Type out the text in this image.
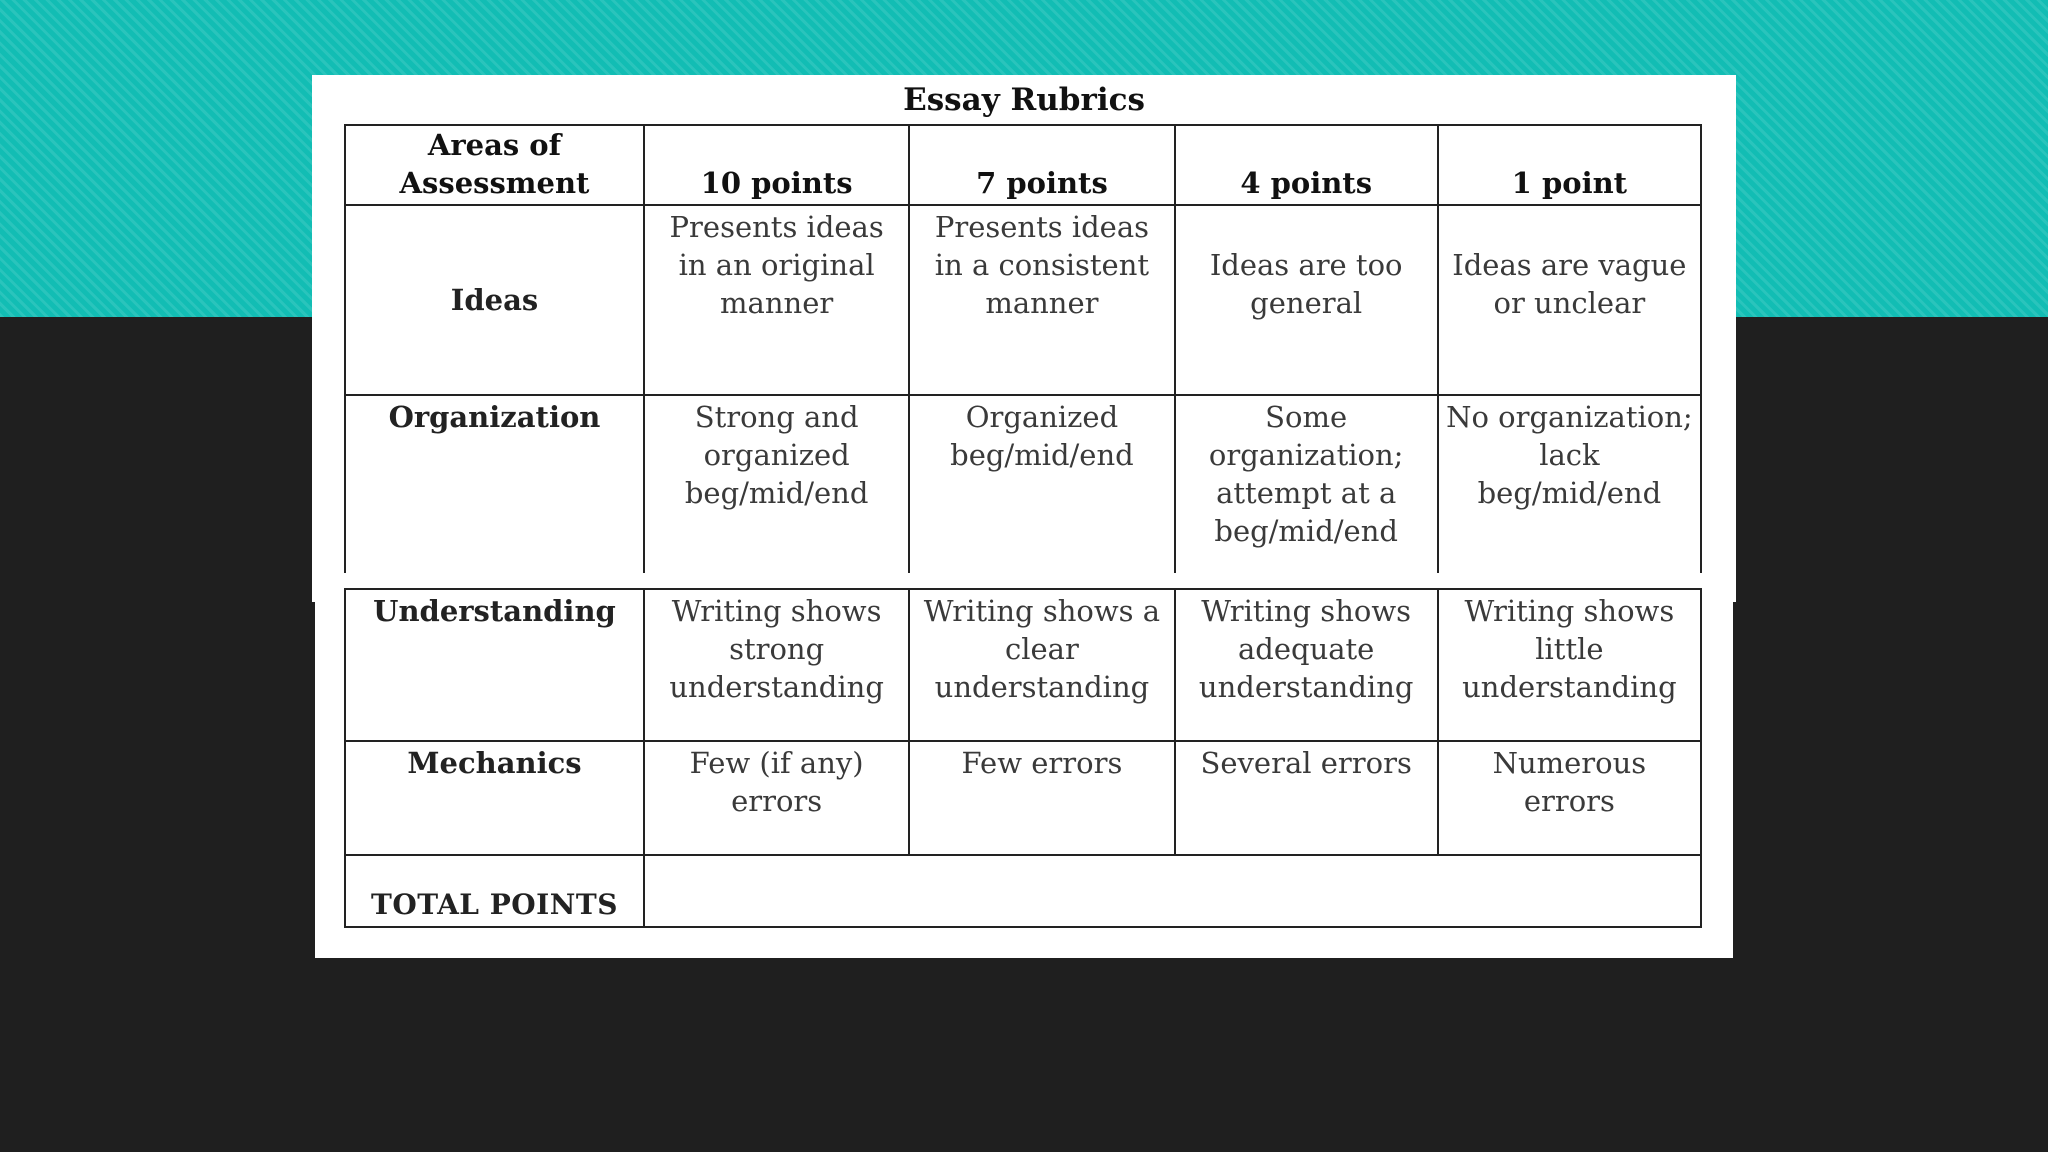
Essay Rubrics
Areas of Assessment	10 points	7 points	4 points	1 point
Ideas	Presents ideas in an original manner	Presents ideas in a consistent manner	Ideas are too general	Ideas are vague or unclear
Organization	Strong and organized beg/mid/end	Organized beg/mid/end	Some organization; attempt at a beg/mid/end	No organization; lack beg/mid/end
Understanding	Writing shows strong understanding	Writing shows a clear understanding	Writing shows adequate understanding	Writing shows little understanding
Mechanics	Few (if any) errors	Few errors	Several errors	Numerous errors
TOTAL POINTS				
